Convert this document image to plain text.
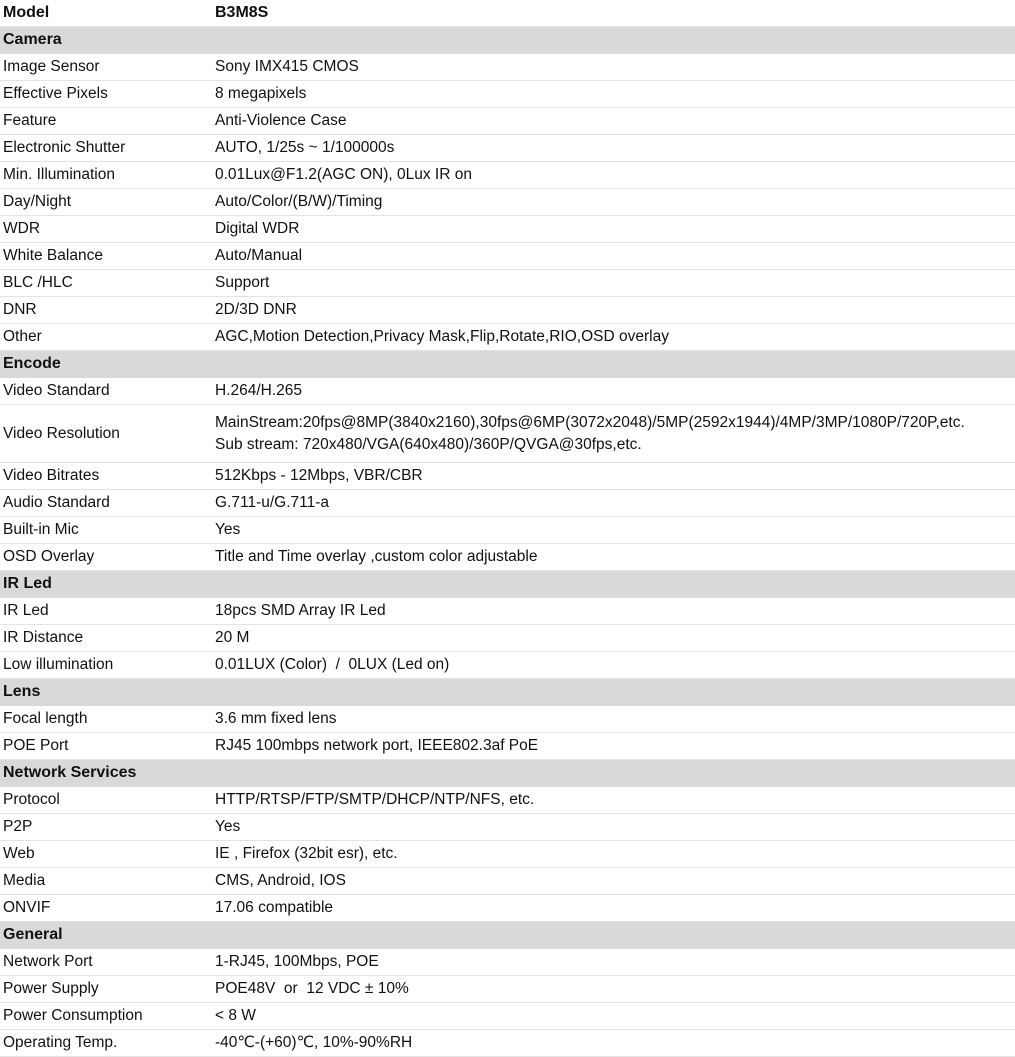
Model	B3M8S
Camera	
Image Sensor	Sony IMX415 CMOS
Effective Pixels	8 megapixels
Feature	Anti-Violence Case
Electronic Shutter	AUTO, 1/25s ~ 1/100000s
Min. Illumination	0.01Lux@F1.2(AGC ON), 0Lux IR on
Day/Night	Auto/Color/(B/W)/Timing
WDR	Digital WDR
White Balance	Auto/Manual
BLC /HLC	Support
DNR	2D/3D DNR
Other	AGC,Motion Detection,Privacy Mask,Flip,Rotate,RIO,OSD overlay
Encode	
Video Standard	H.264/H.265
Video Resolution	MainStream:20fps@8MP(3840x2160),30fps@6MP(3072x2048)/5MP(2592x1944)/4MP/3MP/1080P/720P,etc.
Sub stream: 720x480/VGA(640x480)/360P/QVGA@30fps,etc.

Video Bitrates	512Kbps - 12Mbps, VBR/CBR
Audio Standard	G.711-u/G.711-a
Built-in Mic	Yes
OSD Overlay	Title and Time overlay ,custom color adjustable
IR Led	
IR Led	18pcs SMD Array IR Led
IR Distance	20 M
Low illumination	0.01LUX (Color)  /  0LUX (Led on)
Lens	
Focal length	3.6 mm fixed lens
POE Port	RJ45 100mbps network port, IEEE802.3af PoE
Network Services	
Protocol	HTTP/RTSP/FTP/SMTP/DHCP/NTP/NFS, etc.
P2P	Yes
Web	IE , Firefox (32bit esr), etc.
Media	CMS, Android, IOS
ONVIF	17.06 compatible
General	
Network Port	1-RJ45, 100Mbps, POE
Power Supply	POE48V  or  12 VDC ± 10%
Power Consumption	< 8 W
Operating Temp.	-40℃-(+60)℃, 10%-90%RH
